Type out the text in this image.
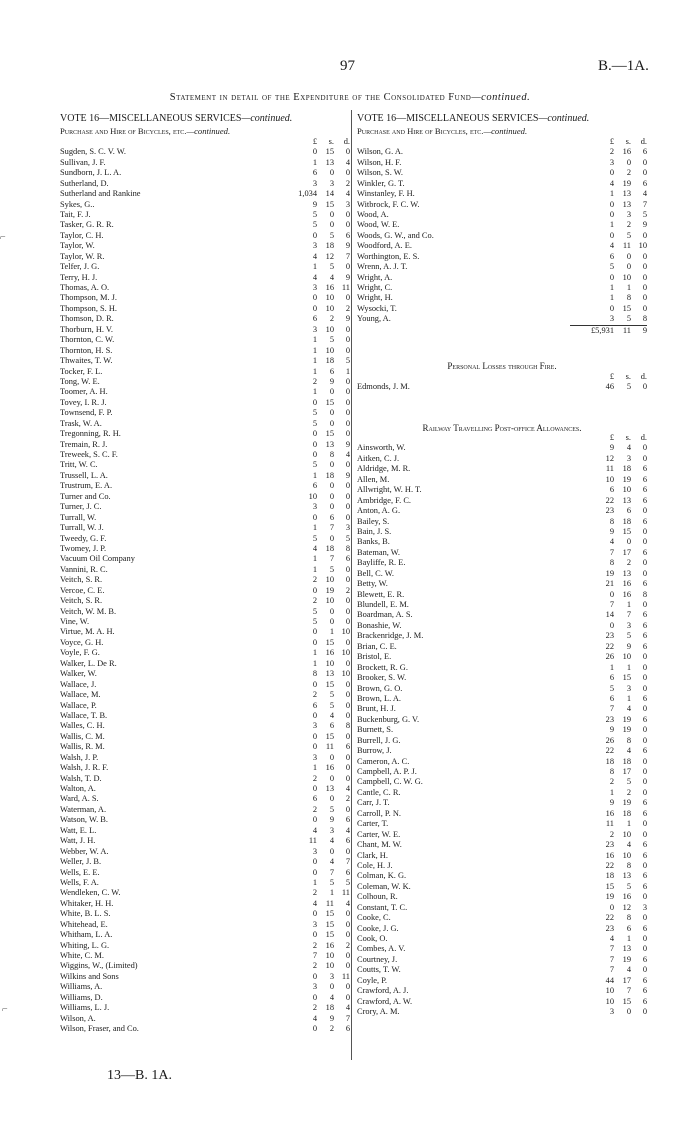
97	B.—1A.
Statement in detail of the Expenditure of the Consolidated Fund—continued.
VOTE 16—MISCELLANEOUS SERVICES—continued.
Purchase and Hire of Bicycles, etc.—continued.
£	s.	d.
Sugden, S. C. V. W.	0	15	0
Sullivan, J. F.	1	13	4
Sundborn, J. L. A.	6	0	0
Sutherland, D.	3	3	2
Sutherland and Rankine	1,034	14	4
Sykes, G..	9	15	3
Tait, F. J.	5	0	0
Tasker, G. R. R.	5	0	0
Taylor, C. H.	0	5	6
Taylor, W.	3	18	9
Taylor, W. R.	4	12	7
Telfer, J. G.	1	5	0
Terry, H. J.	4	4	9
Thomas, A. O.	3	16 11
Thompson, M. J.	0	10	0
Thompson, S. H.	0	10	2
Thomson, D. R.	6	2	9
Thorburn, H. V.	3	10	0
Thornton, C. W.	1	5	0
Thornton, H. S.	1	10	0
Thwaites, T. W.	1	18	5
Tocker, F. L.	1	6	1
Tong, W. E.	2	9	0
Toomer, A. H.	1	0	0
Tovey, I. R. J.	0	15	0
Townsend, F. P.	5	0	0
Trask, W. A.	5	0	0
Tregonning, R. H.	0	15	0
Tremain, R. J.	0	13	9
Treweek, S. C. F.	0	8	4
Tritt, W. C.	5	0	0
Trussell, L. A.	1	18	9
Trustrum, E. A.	6	0	0
Turner and Co.	10	0	0
Turner, J. C.	3	0	0
Turrall, W.	0	6	0
Turrall, W. J.	1	7	3
Tweedy, G. F.	5	0	5
Twomey, J. P.	4	18	8
Vacuum Oil Company	1	7	6
Vannini, R. C.	1	5	0
Veitch, S. R.	2	10	0
Vercoe, C. E.	0	19	2
Veitch, S. R.	2	10	0
Veitch, W. M. B.	5	0	0
Vine, W.	5	0	0
Virtue, M. A. H.	0	1 10
Voyce, G. H.	0	15	0
Voyle, F. G.	1	16 10
Walker, L. De R.	1	10	0
Walker, W.	8	13 10
Wallace, J.	0	15	0
Wallace, M.	2	5	0
Wallace, P.	6	5	0
Wallace, T. B.	0	4	0
Walles, C. H.	3	6	8
Wallis, C. M.	0	15	0
Wallis, R. M.	0	11	6
Walsh, J. P.	3	0	0
Walsh, J. R. F.	1	16	0
Walsh, T. D.	2	0	0
Walton, A.	0	13	4
Ward, A. S.	6	0	2
Waterman, A.	2	5	0
Watson, W. B.	0	9	6
Watt, E. L.	4	3	4
Watt, J. H.	11	4	6
Webber, W. A.	3	0	0
Weller, J. B.	0	4	7
Wells, E. E.	0	7	6
Wells, F. A.	1	5	5
Wendleken, C. W.	2	1 11
Whitaker, H. H.	4	11	4
White, B. L. S.	0	15	0
Whitehead, E.	3	15	0
Whitham, L. A.	0	15	0
Whiting, L. G.	2	16	2
White, C. M.	7	10	0
Wiggins, W., (Limited)	2	10	0
Wilkins and Sons	0	3 11
Williams, A.	3	0	0
Williams, D.	0	4	0
Williams, L. J.	2	18	4
Wilson, A.	4	9	7
Wilson, Fraser, and Co.	0	2	6
VOTE 16—MISCELLANEOUS SERVICES—continued.
Purchase and Hire of Bicycles, etc.—continued.
£	s.	d.
Wilson, G. A.	2	16	6
Wilson, H. F.	3	0	0
Wilson, S. W.	0	2	0
Winkler, G. T.	4	19	6
Winstanley, F. H.	1	13	4
Witbrock, F. C. W.	0	13	7
Wood, A.	0	3	5
Wood, W. E.	1	2	9
Woods, G. W., and Co.	0	5	0
Woodford, A. E.	4	11 10
Worthington, E. S.	6	0	0
Wrenn, A. J. T.	5	0	0
Wright, A.	0	10	0
Wright, C.	1	1	0
Wright, H.	1	8	0
Wysocki, T.	0	15	0
Young, A.	3	5	8
£5,931	11	9
Personal Losses through Fire.
£	s.	d.
Edmonds, J. M.	46	5	0
Railway Travelling Post-office Allowances.
£	s.	d.
Ainsworth, W.	9	4	0
Aitken, C. J.	12	3	0
Aldridge, M. R.	11	18	6
Allen, M.	10	19	6
Allwright, W. H. T.	6	10	6
Ambridge, F. C.	22	13	6
Anton, A. G.	23	6	0
Bailey, S.	8	18	6
Bain, J. S.	9	15	0
Banks, B.	4	0	0
Bateman, W.	7	17	6
Bayliffe, R. E.	8	2	0
Bell, C. W.	19	13	0
Betty, W.	21	16	6
Blewett, E. R.	0	16	8
Blundell, E. M.	7	1	0
Boardman, A. S.	14	7	6
Bonashie, W.	0	3	6
Brackenridge, J. M.	23	5	6
Brian, C. E.	22	9	6
Bristol, E.	26	10	0
Brockett, R. G.	1	1	0
Brooker, S. W.	6	15	0
Brown, G. O.	5	3	0
Brown, L. A.	6	1	6
Brunt, H. J.	7	4	0
Buckenburg, G. V.	23	19	6
Burnett, S.	9	19	0
Burrell, J. G.	26	8	0
Burrow, J.	22	4	6
Cameron, A. C.	18	18	0
Campbell, A. P. J.	8	17	0
Campbell, C. W. G.	2	5	0
Cantle, C. R.	1	2	0
Carr, J. T.	9	19	6
Carroll, P. N.	16	18	6
Carter, T.	11	1	0
Carter, W. E.	2	10	0
Chant, M. W.	23	4	6
Clark, H.	16	10	6
Cole, H. J.	22	8	0
Colman, K. G.	18	13	6
Coleman, W. K.	15	5	6
Colhoun, R.	19	16	0
Constant, T. C.	0	12	3
Cooke, C.	22	8	0
Cooke, J. G.	23	6	6
Cook, O.	4	1	0
Combes, A. V.	7	13	0
Courtney, J.	7	19	6
Coutts, T. W.	7	4	0
Coyle, P.	44	17	6
Crawford, A. J.	10	7	6
Crawford, A. W.	10	15	6
Crory, A. M.	3	0	0
13—B. 1A.
⌐
⌐
